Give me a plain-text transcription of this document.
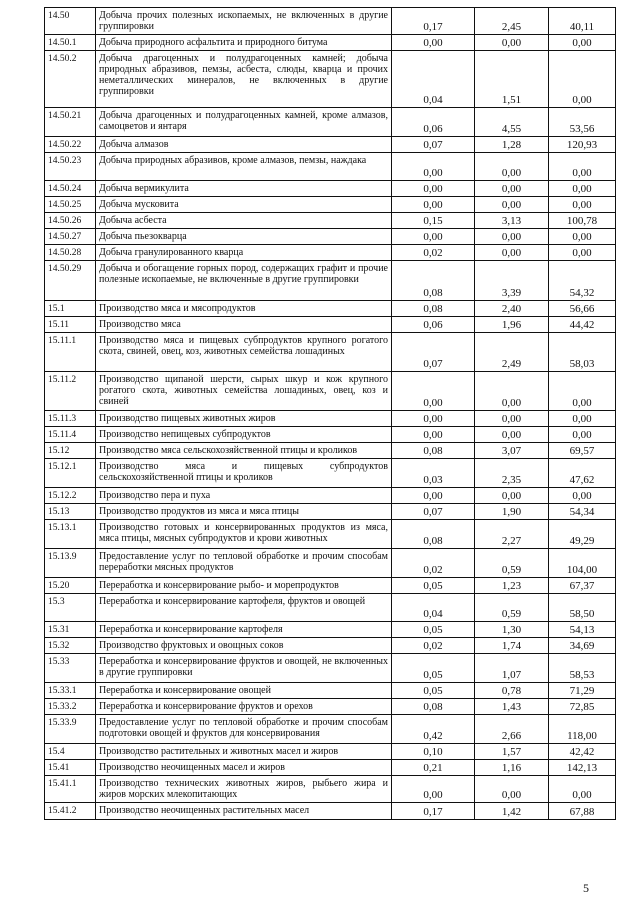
14.50	Добыча прочих полезных ископаемых, не включенных в другие группировки	0,17	2,45	40,11
14.50.1	Добыча природного асфальтита и природного битума	0,00	0,00	0,00
14.50.2	Добыча драгоценных и полудрагоценных камней; добыча природных абразивов, пемзы, асбеста, слюды, кварца и прочих неметаллических минералов, не включенных в другие группировки	0,04	1,51	0,00
14.50.21	Добыча драгоценных и полудрагоценных камней, кроме алмазов, самоцветов и янтаря	0,06	4,55	53,56
14.50.22	Добыча алмазов	0,07	1,28	120,93
14.50.23	Добыча природных абразивов, кроме алмазов, пемзы, наждака	0,00	0,00	0,00
14.50.24	Добыча вермикулита	0,00	0,00	0,00
14.50.25	Добыча мусковита	0,00	0,00	0,00
14.50.26	Добыча асбеста	0,15	3,13	100,78
14.50.27	Добыча пьезокварца	0,00	0,00	0,00
14.50.28	Добыча гранулированного кварца	0,02	0,00	0,00
14.50.29	Добыча и обогащение горных пород, содержащих графит и прочие полезные ископаемые, не включенные в другие группировки	0,08	3,39	54,32
15.1	Производство мяса и мясопродуктов	0,08	2,40	56,66
15.11	Производство мяса	0,06	1,96	44,42
15.11.1	Производство мяса и пищевых субпродуктов крупного рогатого скота, свиней, овец, коз, животных семейства лошадиных	0,07	2,49	58,03
15.11.2	Производство щипаной шерсти, сырых шкур и кож крупного рогатого скота, животных семейства лошадиных, овец, коз и свиней	0,00	0,00	0,00
15.11.3	Производство пищевых животных жиров	0,00	0,00	0,00
15.11.4	Производство непищевых субпродуктов	0,00	0,00	0,00
15.12	Производство мяса сельскохозяйственной птицы и кроликов	0,08	3,07	69,57
15.12.1	Производство мяса и пищевых субпродуктов сельскохозяйственной птицы и кроликов	0,03	2,35	47,62
15.12.2	Производство пера и пуха	0,00	0,00	0,00
15.13	Производство продуктов из мяса и мяса птицы	0,07	1,90	54,34
15.13.1	Производство готовых и консервированных продуктов из мяса, мяса птицы, мясных субпродуктов и крови животных	0,08	2,27	49,29
15.13.9	Предоставление услуг по тепловой обработке и прочим способам переработки мясных продуктов	0,02	0,59	104,00
15.20	Переработка и консервирование рыбо- и морепродуктов	0,05	1,23	67,37
15.3	Переработка и консервирование картофеля, фруктов и овощей	0,04	0,59	58,50
15.31	Переработка и консервирование картофеля	0,05	1,30	54,13
15.32	Производство фруктовых и овощных соков	0,02	1,74	34,69
15.33	Переработка и консервирование фруктов и овощей, не включенных в другие группировки	0,05	1,07	58,53
15.33.1	Переработка и консервирование овощей	0,05	0,78	71,29
15.33.2	Переработка и консервирование фруктов и орехов	0,08	1,43	72,85
15.33.9	Предоставление услуг по тепловой обработке и прочим способам подготовки овощей и фруктов для консервирования	0,42	2,66	118,00
15.4	Производство растительных и животных масел и жиров	0,10	1,57	42,42
15.41	Производство неочищенных масел и жиров	0,21	1,16	142,13
15.41.1	Производство технических животных жиров, рыбьего жира и жиров морских млекопитающих	0,00	0,00	0,00
15.41.2	Производство неочищенных растительных масел	0,17	1,42	67,88
5
